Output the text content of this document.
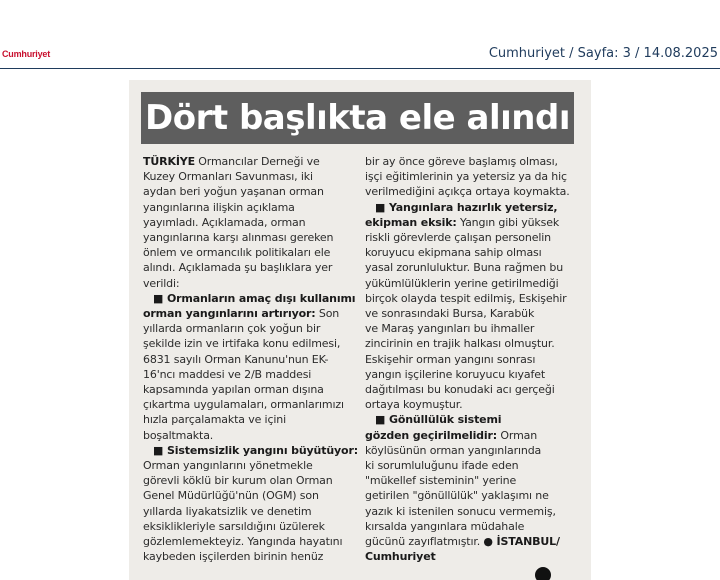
Cumhuriyet	Cumhuriyet / Sayfa: 3 / 14.08.2025
Dört başlıkta ele alındı
TÜRKİYE Ormancılar Derneği ve
Kuzey Ormanları Savunması, iki
aydan beri yoğun yaşanan orman
yangınlarına ilişkin açıklama
yayımladı. Açıklamada, orman
yangınlarına karşı alınması gereken
önlem ve ormancılık politikaları ele
alındı. Açıklamada şu başlıklara yer
verildi:
■ Ormanların amaç dışı kullanımı
orman yangınlarını artırıyor: Son
yıllarda ormanların çok yoğun bir
şekilde izin ve irtifaka konu edilmesi,
6831 sayılı Orman Kanunu'nun EK-
16'ncı maddesi ve 2/B maddesi
kapsamında yapılan orman dışına
çıkartma uygulamaları, ormanlarımızı
hızla parçalamakta ve içini
boşaltmakta.
■ Sistemsizlik yangını büyütüyor:
Orman yangınlarını yönetmekle
görevli köklü bir kurum olan Orman
Genel Müdürlüğü'nün (OGM) son
yıllarda liyakatsizlik ve denetim
eksiklikleriyle sarsıldığını üzülerek
gözlemlemekteyiz. Yangında hayatını
kaybeden işçilerden birinin henüz
bir ay önce göreve başlamış olması,
işçi eğitimlerinin ya yetersiz ya da hiç
verilmediğini açıkça ortaya koymakta.
■ Yangınlara hazırlık yetersiz,
ekipman eksik: Yangın gibi yüksek
riskli görevlerde çalışan personelin
koruyucu ekipmana sahip olması
yasal zorunluluktur. Buna rağmen bu
yükümlülüklerin yerine getirilmediği
birçok olayda tespit edilmiş, Eskişehir
ve sonrasındaki Bursa, Karabük
ve Maraş yangınları bu ihmaller
zincirinin en trajik halkası olmuştur.
Eskişehir orman yangını sonrası
yangın işçilerine koruyucu kıyafet
dağıtılması bu konudaki acı gerçeği
ortaya koymuştur.
■ Gönüllülük sistemi
gözden geçirilmelidir: Orman
köylüsünün orman yangınlarında
ki sorumluluğunu ifade eden
"mükellef sisteminin" yerine
getirilen "gönüllülük" yaklaşımı ne
yazık ki istenilen sonucu vermemiş,
kırsalda yangınlara müdahale
gücünü zayıflatmıştır. ● İSTANBUL/
Cumhuriyet
